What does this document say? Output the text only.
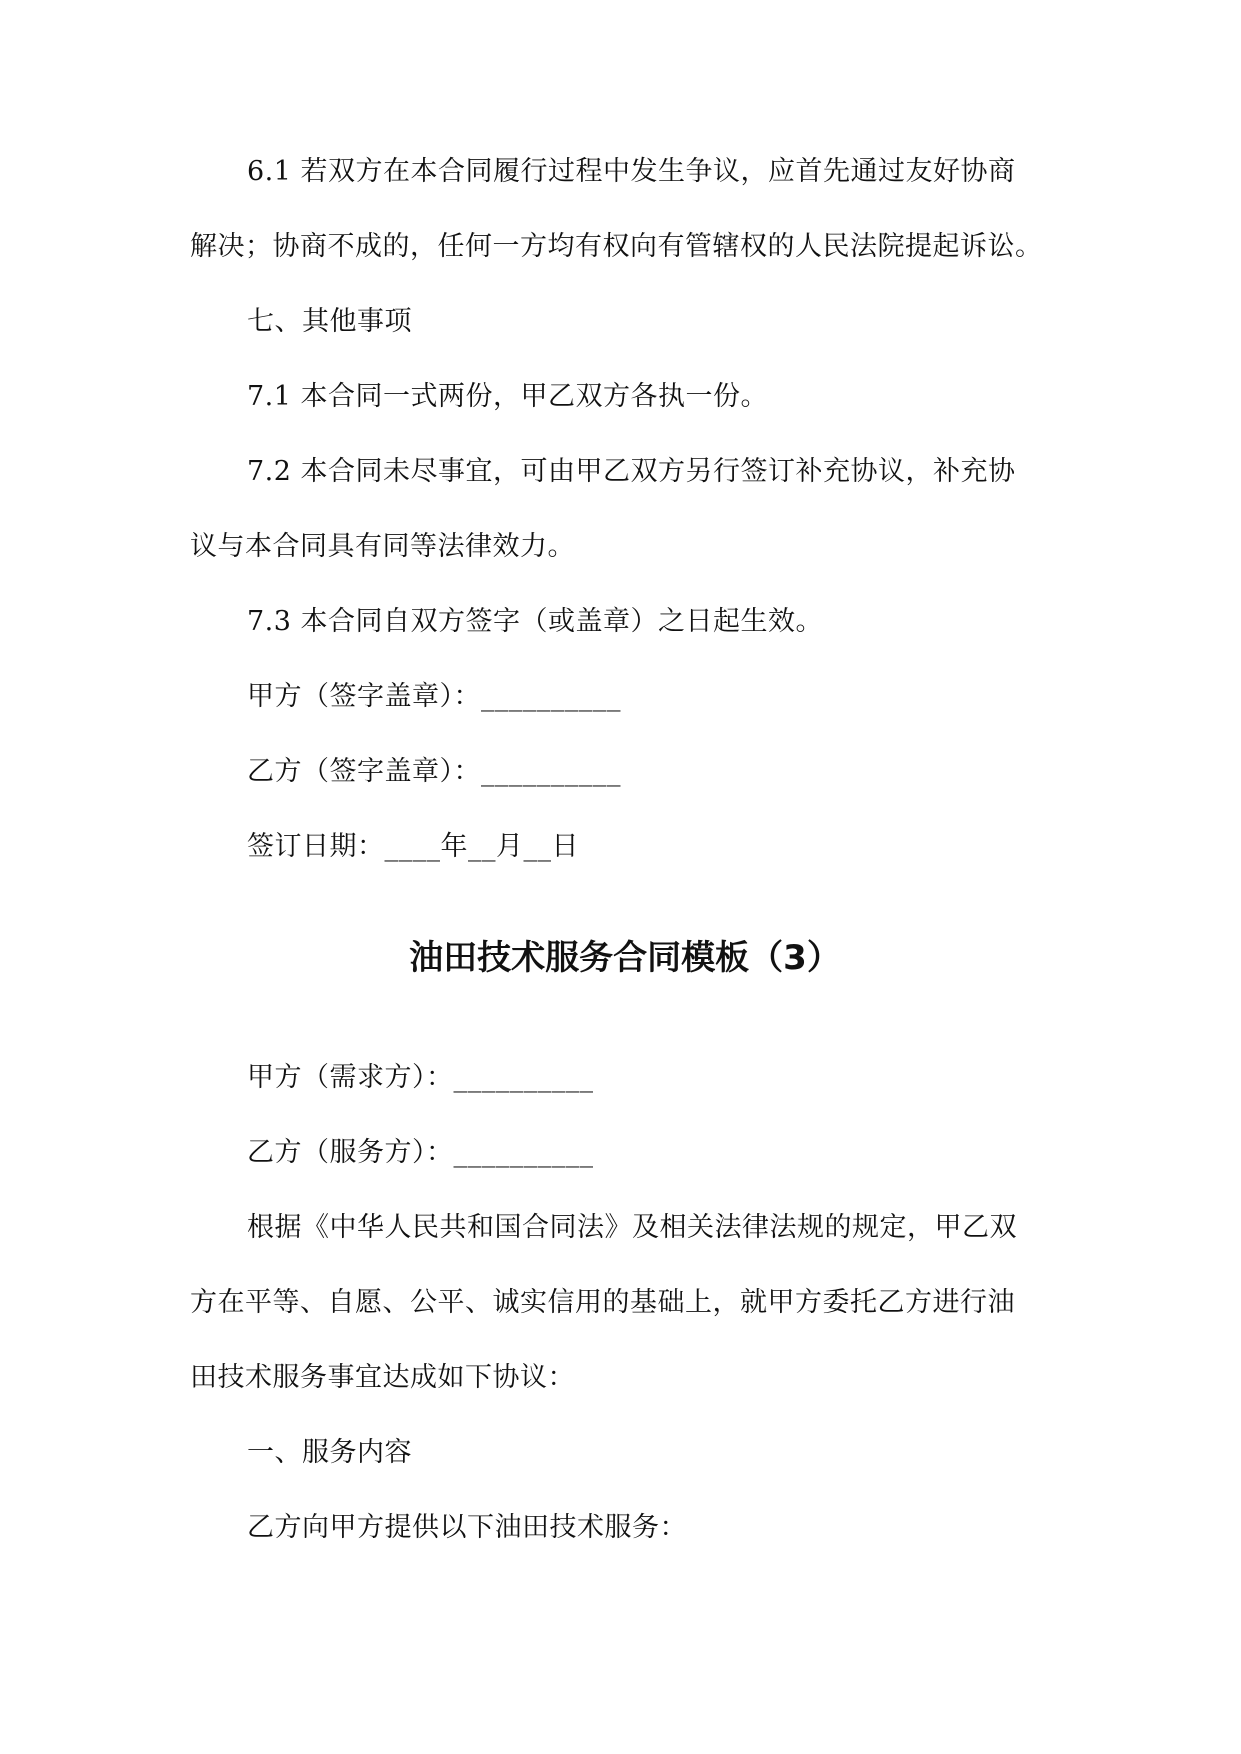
6.1 若双方在本合同履行过程中发生争议，应首先通过友好协商
解决；协商不成的，任何一方均有权向有管辖权的人民法院提起诉讼。
七、其他事项
7.1 本合同一式两份，甲乙双方各执一份。
7.2 本合同未尽事宜，可由甲乙双方另行签订补充协议，补充协
议与本合同具有同等法律效力。
7.3 本合同自双方签字（或盖章）之日起生效。
甲方（签字盖章）：__________
乙方（签字盖章）：__________
签订日期：____年__月__日
油田技术服务合同模板（3）
甲方（需求方）：__________
乙方（服务方）：__________
根据《中华人民共和国合同法》及相关法律法规的规定，甲乙双
方在平等、自愿、公平、诚实信用的基础上，就甲方委托乙方进行油
田技术服务事宜达成如下协议：
一、服务内容
乙方向甲方提供以下油田技术服务：
